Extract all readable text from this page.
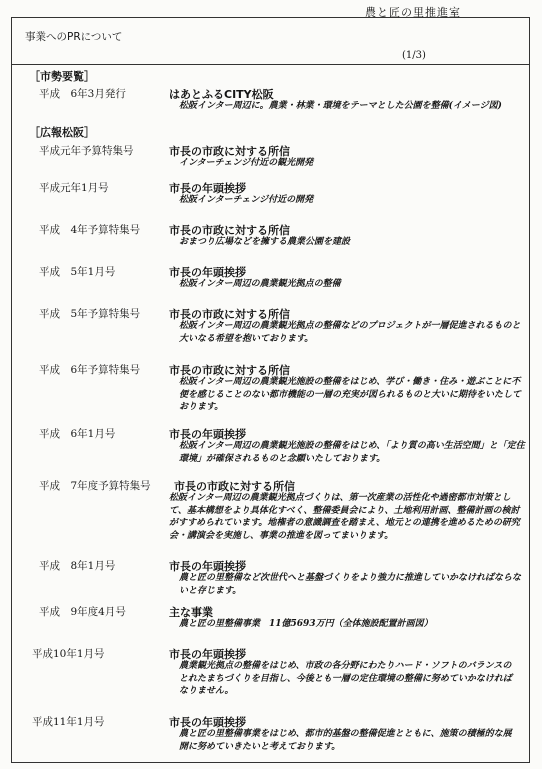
農と匠の里推進室
事業へのPRについて
(1/3)
［市勢要覧］
平成　6年3月発行	はあとふるCITY松阪
松阪インター周辺に。農業・林業・環境をテーマとした公園を整備(イメージ図)
［広報松阪］
平成元年予算特集号	市長の市政に対する所信
インターチェンジ付近の観光開発
平成元年1月号	市長の年頭挨拶
松阪インターチェンジ付近の開発
平成　4年予算特集号	市長の市政に対する所信
おまつり広場などを擁する農業公園を建設
平成　5年1月号	市長の年頭挨拶
松阪インター周辺の農業観光拠点の整備
平成　5年予算特集号	市長の市政に対する所信
松阪インター周辺の農業観光拠点の整備などのプロジェクトが一層促進されるものと大いなる希望を抱いております。
平成　6年予算特集号	市長の市政に対する所信
松阪インター周辺の農業観光施設の整備をはじめ、学び・働き・住み・遊ぶことに不便を感じることのない都市機能の一層の充実が図られるものと大いに期待をいたしております。
平成　6年1月号	市長の年頭挨拶
松阪インター周辺の農業観光施設の整備をはじめ、「より質の高い生活空間」と「定住環境」が確保されるものと念願いたしております。
平成　7年度予算特集号 市長の市政に対する所信
松阪インター周辺の農業観光拠点づくりは、第一次産業の活性化や過密都市対策として、基本構想をより具体化すべく、整備委員会により、土地利用計画、整備計画の検討がすすめられています。地権者の意識調査を踏まえ、地元との連携を進めるための研究会・講演会を実施し、事業の推進を図ってまいります。
平成　8年1月号	市長の年頭挨拶
農と匠の里整備など次世代へと基盤づくりをより強力に推進していかなければならないと存じます。
平成　9年度4月号	主な事業
農と匠の里整備事業　11億5693万円（全体施設配置計画図）
平成10年1月号	市長の年頭挨拶
農業観光拠点の整備をはじめ、市政の各分野にわたりハード・ソフトのバランスのとれたまちづくりを目指し、今後とも一層の定住環境の整備に努めていかなければなりません。
平成11年1月号	市長の年頭挨拶
農と匠の里整備事業をはじめ、都市的基盤の整備促進とともに、施策の積極的な展開に努めていきたいと考えております。
